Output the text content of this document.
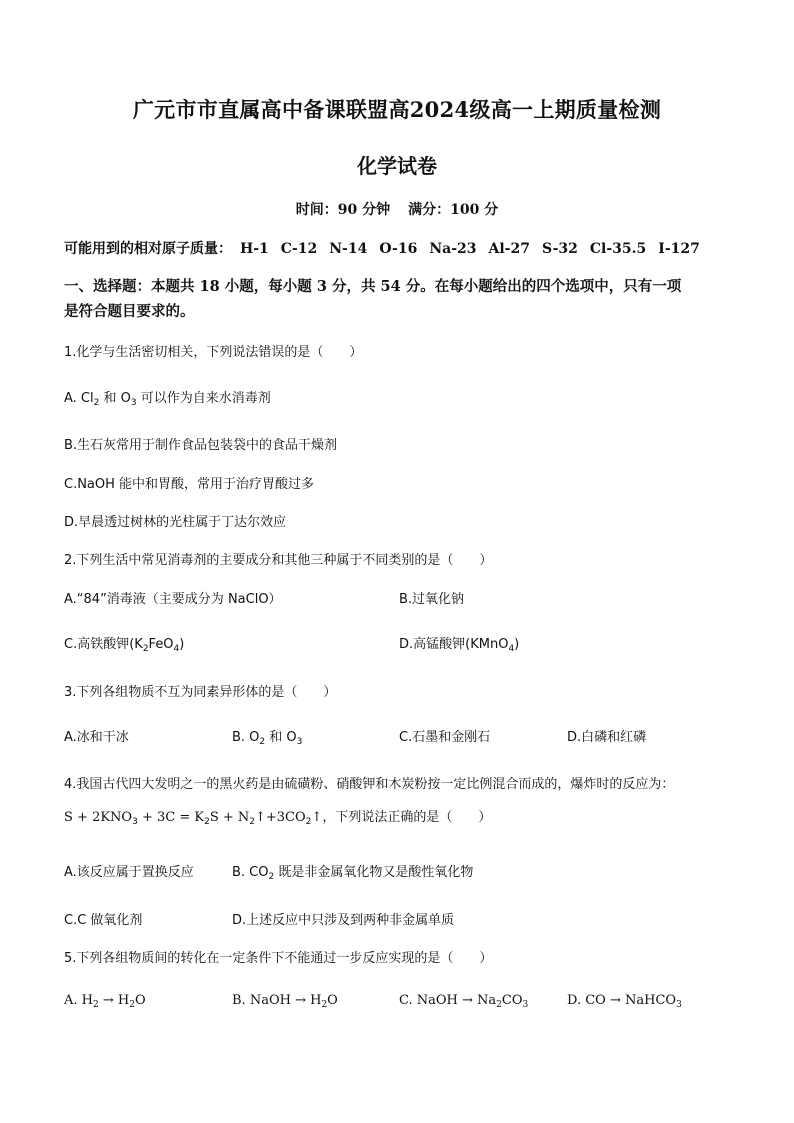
广元市市直属高中备课联盟高2024级高一上期质量检测
化学试卷
时间：90 分钟 满分：100 分
可能用到的相对原子质量： H-1 C-12 N-14 O-16 Na-23 Al-27 S-32 Cl-35.5 I-127
一、选择题：本题共 18 小题，每小题 3 分，共 54 分。在每小题给出的四个选项中，只有一项
是符合题目要求的。
1.化学与生活密切相关，下列说法错误的是（　　）
A. $Cl_2$ 和 $O_3$ 可以作为自来水消毒剂
B.生石灰常用于制作食品包装袋中的食品干燥剂
C.NaOH 能中和胃酸，常用于治疗胃酸过多
D.早晨透过树林的光柱属于丁达尔效应
2.下列生活中常见消毒剂的主要成分和其他三种属于不同类别的是（　　）
A.“84”消毒液（主要成分为 NaClO）	B.过氧化钠
C.高铁酸钾$(K_2FeO_4)$	D.高锰酸钾(KMnO$_4$)
3.下列各组物质不互为同素异形体的是（　　）
A.冰和干冰	B. $O_2$ 和 $O_3$	C.石墨和金刚石	D.白磷和红磷
4.我国古代四大发明之一的黑火药是由硫磺粉、硝酸钾和木炭粉按一定比例混合而成的，爆炸时的反应为：
$S + 2KNO_3 + 3C = K_2S$ + $N_2↑+3CO_2↑$，下列说法正确的是（　　）
A.该反应属于置换反应	B. $CO_2$ 既是非金属氧化物又是酸性氧化物
C.C 做氧化剂	D.上述反应中只涉及到两种非金属单质
5.下列各组物质间的转化在一定条件下不能通过一步反应实现的是（　　）
A. $H_2 \to H_2O$	B. NaOH → $H_2O$	C. NaOH → $Na_2CO_3$	D. CO → NaHCO$_3$
